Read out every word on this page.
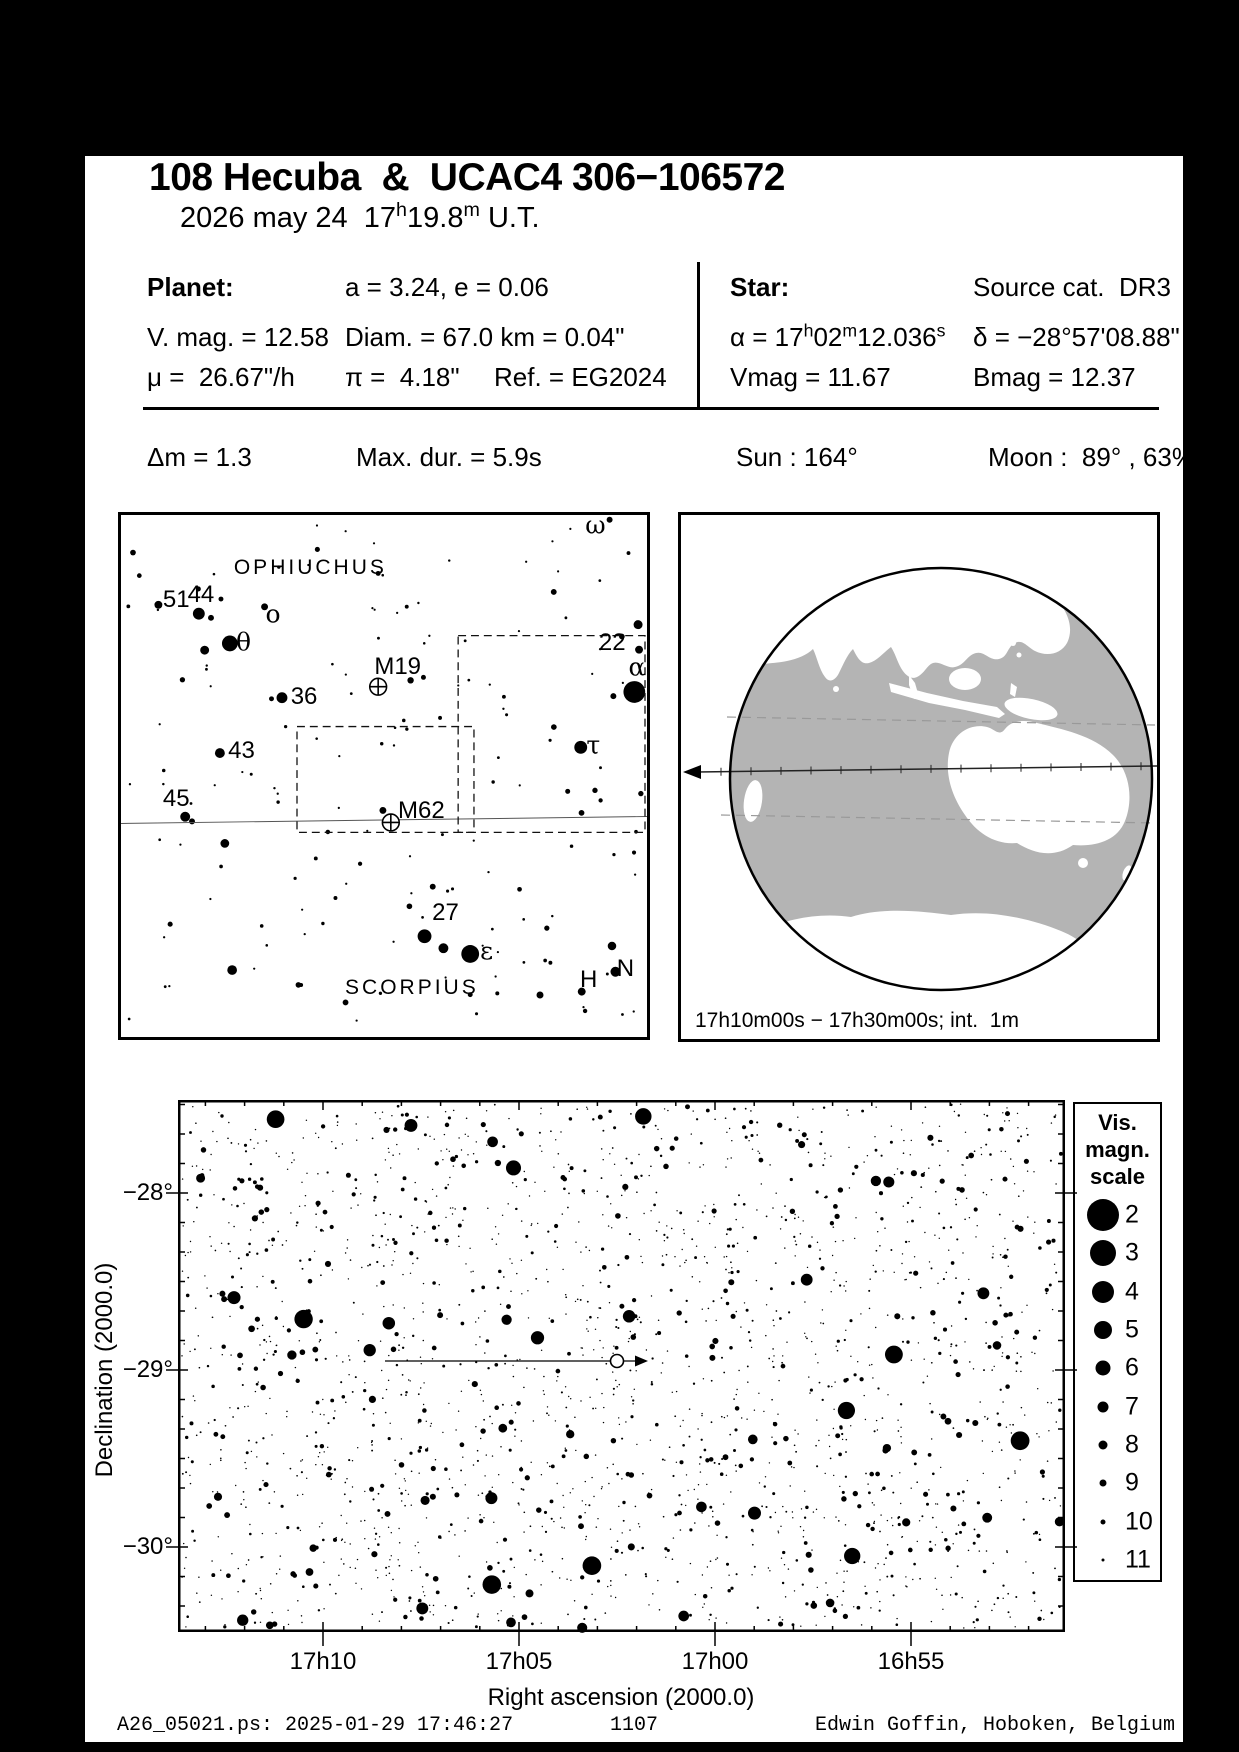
108 Hecuba  &  UCAC4 306−106572
2026 may 24  17$^h$19.8$^m$ U.T.
Planet:	a = 3.24, e = 0.06
V. mag. = 12.58 Diam. = 67.0 km = 0.04"
μ =  26.67"/h π =  4.18" Ref. = EG2024
Star:	Source cat.  DR3
$\alpha = 17^h02^m12.036^s$ δ = −28°57'08.88"
Vmag = 11.67	Bmag = 12.37
Δm = 1.3	Max. dur. = 5.9s	Sun : 164°	Moon :  89° , 63%
ω
OPHIUCHUS
51
44
o
θ	22
α
M19
36
τ
43
45	M62
27
ε
SCORPIUS	H N
17h10m00s − 17h30m00s; int.  1m
−28°
−29°
−30°
17h10	17h05	17h00	16h55
Declination (2000.0)
Right ascension (2000.0)
Vis.
magn.
scale
2
3
4
5
6
7
8
9
10
11
A26_05021.ps: 2025-01-29 17:46:27	1107	Edwin Goffin, Hoboken, Belgium
